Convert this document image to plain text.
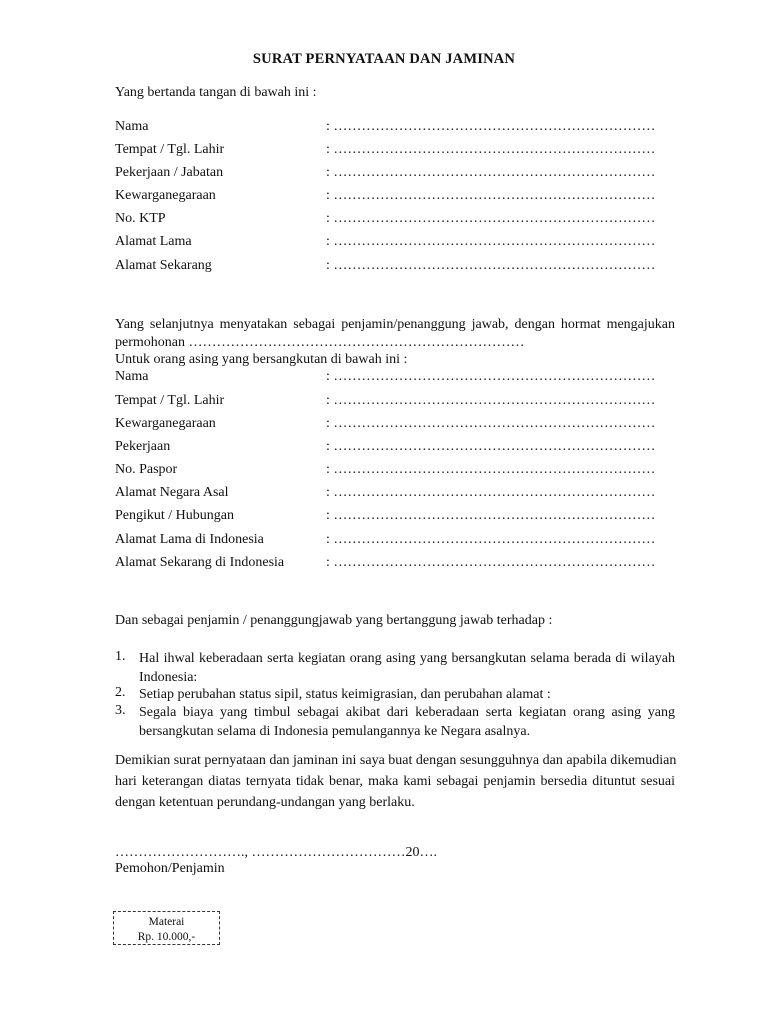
SURAT PERNYATAAN DAN JAMINAN
Yang bertanda tangan di bawah ini :
Nama	: ……………………………………………………………
Tempat / Tgl. Lahir	: ……………………………………………………………
Pekerjaan / Jabatan	: ……………………………………………………………
Kewarganegaraan	: ……………………………………………………………
No. KTP	: ……………………………………………………………
Alamat Lama	: ……………………………………………………………
Alamat Sekarang	: ……………………………………………………………
Yang selanjutnya menyatakan sebagai penjamin/penanggung jawab, dengan hormat mengajukan
permohonan ………………………………………………………………
Untuk orang asing yang bersangkutan di bawah ini :
Nama	: ……………………………………………………………
Tempat / Tgl. Lahir	: ……………………………………………………………
Kewarganegaraan	: ……………………………………………………………
Pekerjaan	: ……………………………………………………………
No. Paspor	: ……………………………………………………………
Alamat Negara Asal	: ……………………………………………………………
Pengikut / Hubungan	: ……………………………………………………………
Alamat Lama di Indonesia	: ……………………………………………………………
Alamat Sekarang di Indonesia	: ……………………………………………………………
Dan sebagai penjamin / penanggungjawab yang bertanggung jawab terhadap :
1. Hal ihwal keberadaan serta kegiatan orang asing yang bersangkutan selama berada di wilayah
Indonesia:
2. Setiap perubahan status sipil, status keimigrasian, dan perubahan alamat :
3. Segala biaya yang timbul sebagai akibat dari keberadaan serta kegiatan orang asing yang
bersangkutan selama di Indonesia pemulangannya ke Negara asalnya.
Demikian surat pernyataan dan jaminan ini saya buat dengan sesungguhnya dan apabila dikemudian
hari keterangan diatas ternyata tidak benar, maka kami sebagai penjamin bersedia dituntut sesuai
dengan ketentuan perundang-undangan yang berlaku.
………………………., ……………………………20….
Pemohon/Penjamin
Materai
Rp. 10.000,-
